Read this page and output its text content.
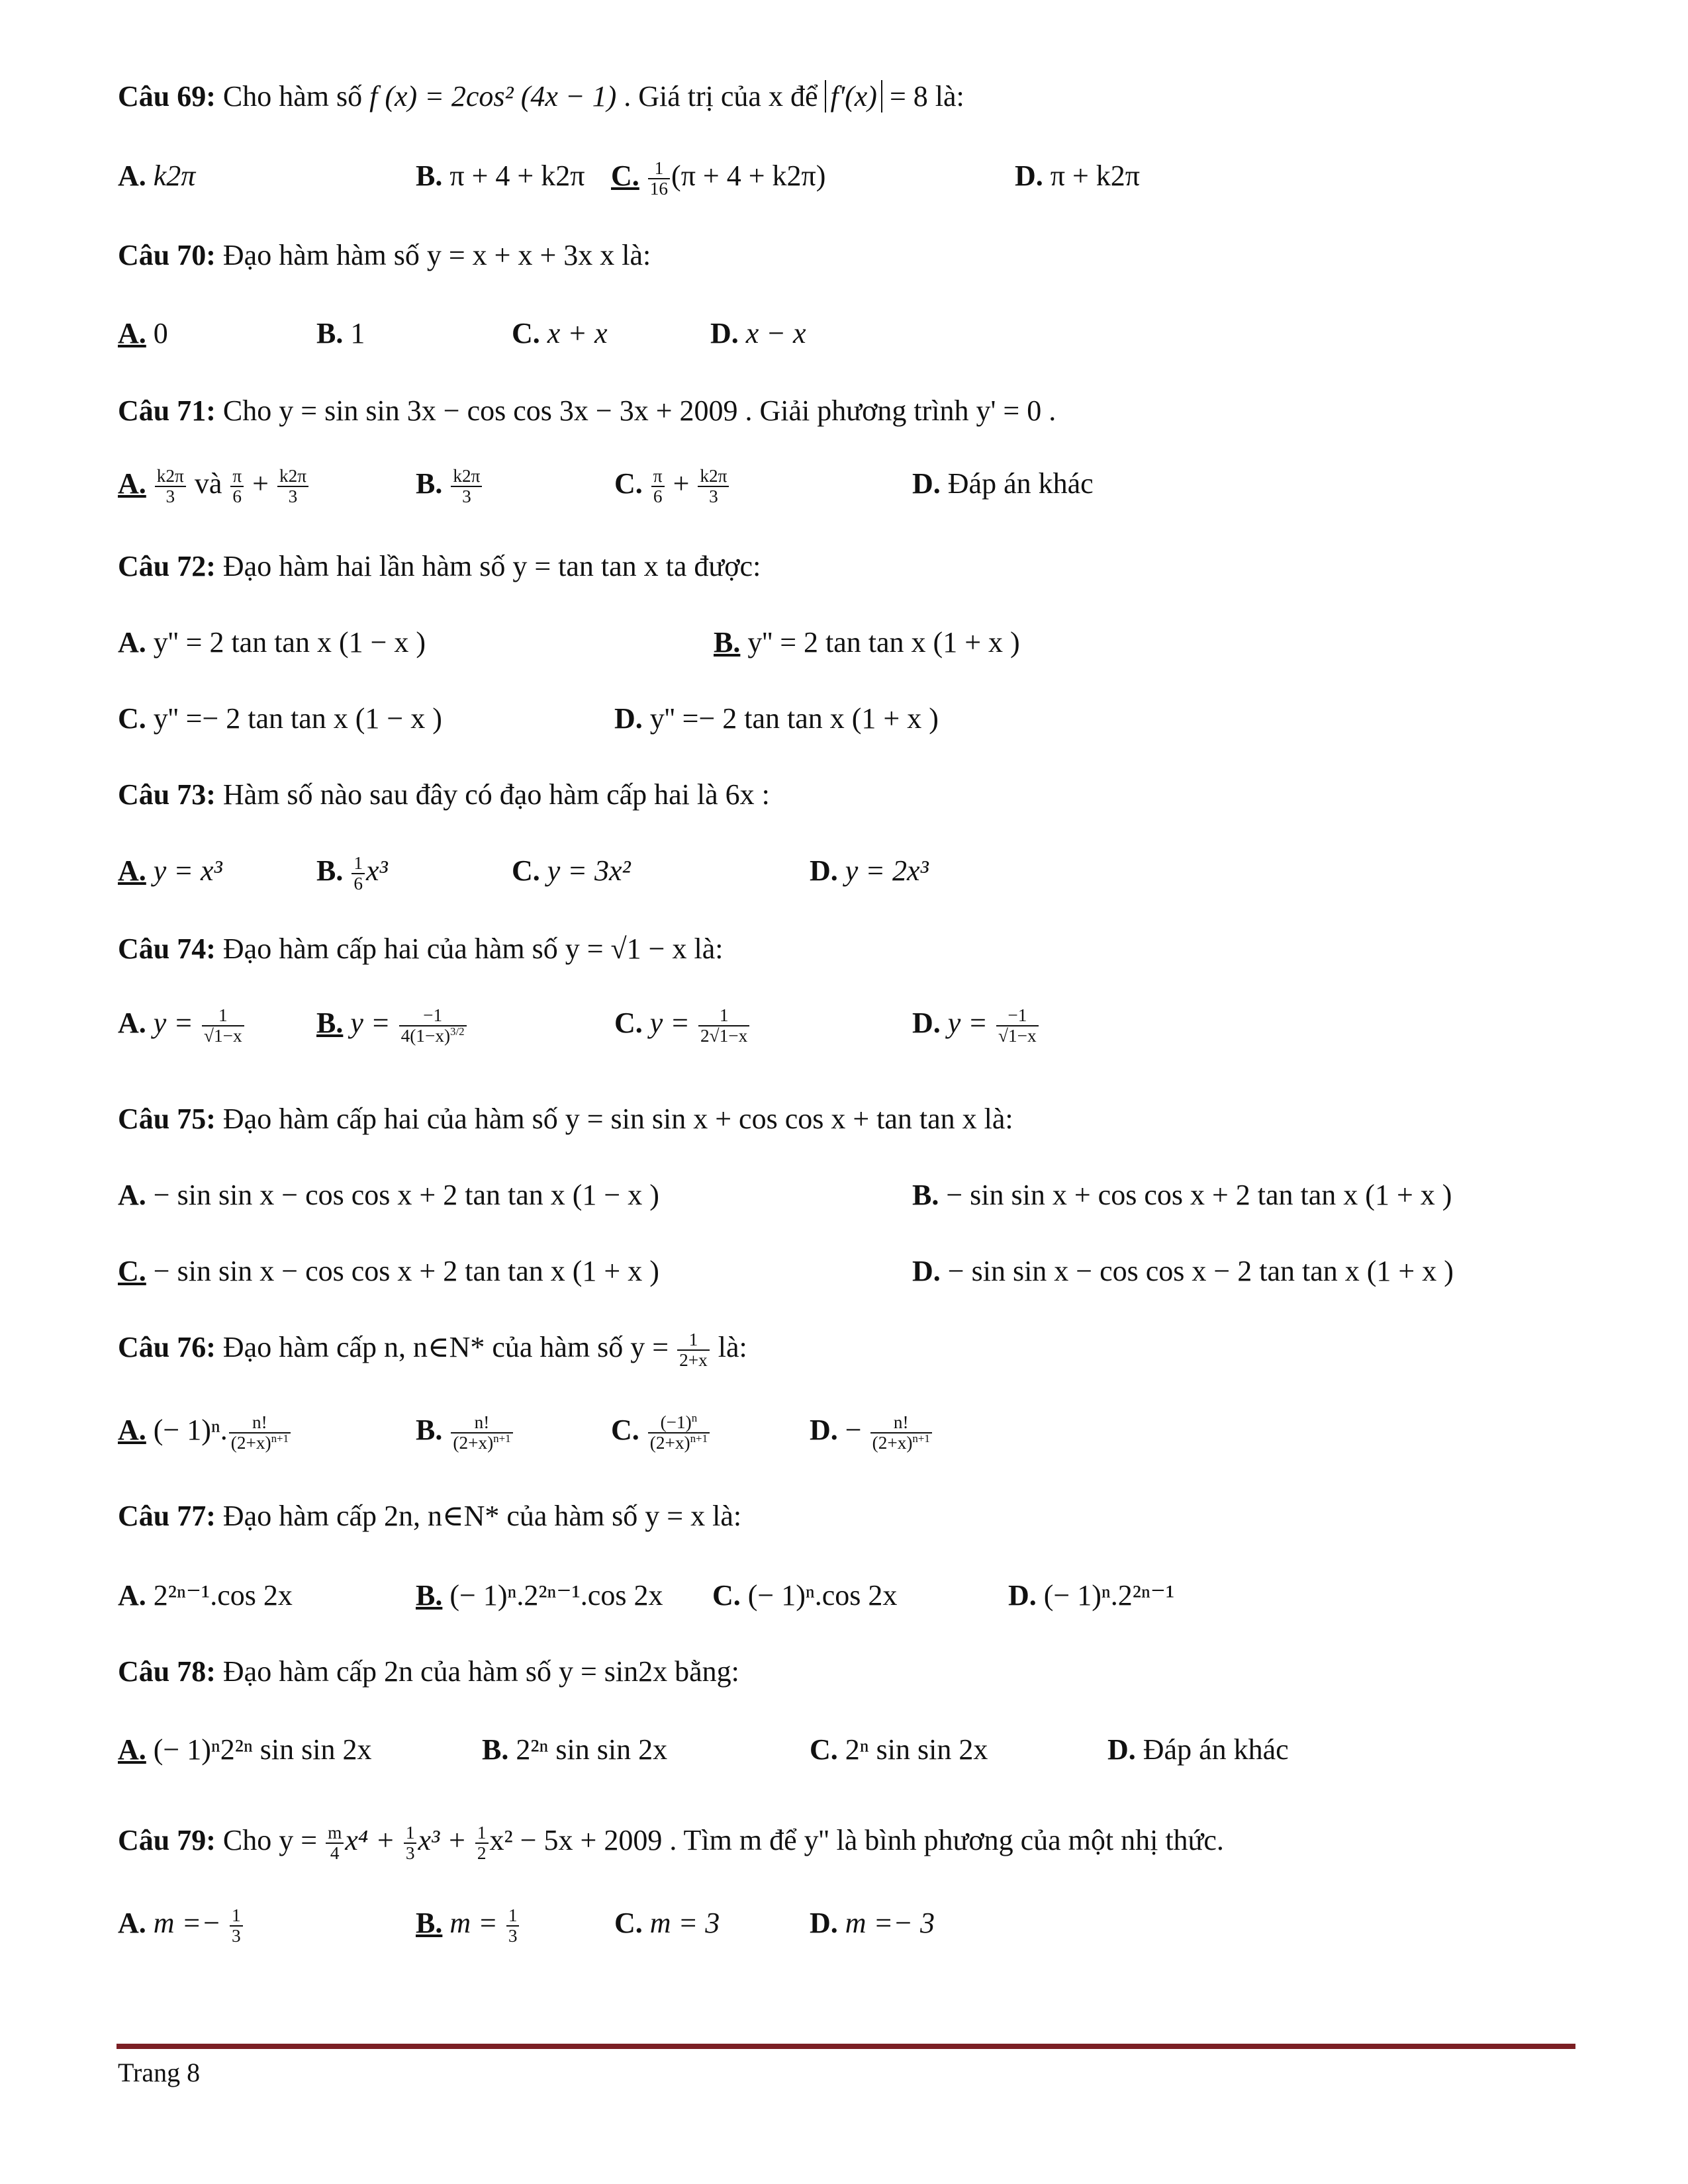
Câu 69: Cho hàm số f (x) = 2cos² (4x − 1) . Giá trị của x để f'(x) = 8 là:
A. k2π	B. π + 4 + k2π C. $\frac{1}{16} (\pi + 4 + k2\pi)$	D. π + k2π
Câu 70: Đạo hàm hàm số y = x + x + 3x x là:
A. 0	B. 1	C. x + x	D. x − x
Câu 71: Cho y = sin sin 3x − cos cos 3x − 3x + 2009 . Giải phương trình y' = 0 .
A. $\frac{k2\pi}{3}$ và $\frac{\pi}{6} + \frac{k2\pi}{3}$	B. $\frac{k2\pi}{3}$	C. $\frac{\pi}{6} + \frac{k2\pi}{3}$	D. Đáp án khác
Câu 72: Đạo hàm hai lần hàm số y = tan tan x ta được:
A. y'' = 2 tan tan x (1 − x )	B. y'' = 2 tan tan x (1 + x )
C. y'' =− 2 tan tan x (1 − x )	D. y'' =− 2 tan tan x (1 + x )
Câu 73: Hàm số nào sau đây có đạo hàm cấp hai là 6x :
A. y = x³	B. $\frac{1}{6} x^3$	C. y = 3x²	D. y = 2x³
Câu 74: Đạo hàm cấp hai của hàm số y = √1 − x là:
A. $y = \frac{1}{√1-x} B$. $y = \frac{-1}{4(1-x)^{3/2}}$	C. $y = \frac{1}{2√1-x}$	D. $y = \frac{-1}{√1-x}$
Câu 75: Đạo hàm cấp hai của hàm số y = sin sin x + cos cos x + tan tan x là:
A. − sin sin x − cos cos x + 2 tan tan x (1 − x )	B. − sin sin x + cos cos x + 2 tan tan x (1 + x )
C. − sin sin x − cos cos x + 2 tan tan x (1 + x )	D. − sin sin x − cos cos x − 2 tan tan x (1 + x )
Câu 76: Đạo hàm cấp n, n∈N* của hàm số $y = \frac{1}{2+x}$ là:
A. (− 1)ⁿ. $\frac{n!}{(2+x)^{n+1}}$	B. $\frac{n!}{(2+x)^{n+1}}$	C. $\frac{(-1)^n}{(2+x)^{n+1}}$	D. − $\frac{n!}{(2+x)^{n+1}}$
Câu 77: Đạo hàm cấp 2n, n∈N* của hàm số y = x là:
A. 2²ⁿ⁻¹.cos 2x	B. (− 1)ⁿ.2²ⁿ⁻¹.cos 2x C. (− 1)ⁿ.cos 2x	D. (− 1)ⁿ.2²ⁿ⁻¹
Câu 78: Đạo hàm cấp 2n của hàm số y = sin2x bằng:
A. (− 1)ⁿ2²ⁿ sin sin 2x	B. 2²ⁿ sin sin 2x	C. 2ⁿ sin sin 2x	D. Đáp án khác
Câu 79: Cho $y = \frac{m}{4} x^4 + \frac{1}{3} x^3 + \frac{1}{2} x^2 - 5x + 2009$ . Tìm m để y'' là bình phương của một nhị thức.
A. $m =- \frac{1}{3}$	B. $m = \frac{1}{3}$	C. m = 3	D. m =− 3
Trang 8
